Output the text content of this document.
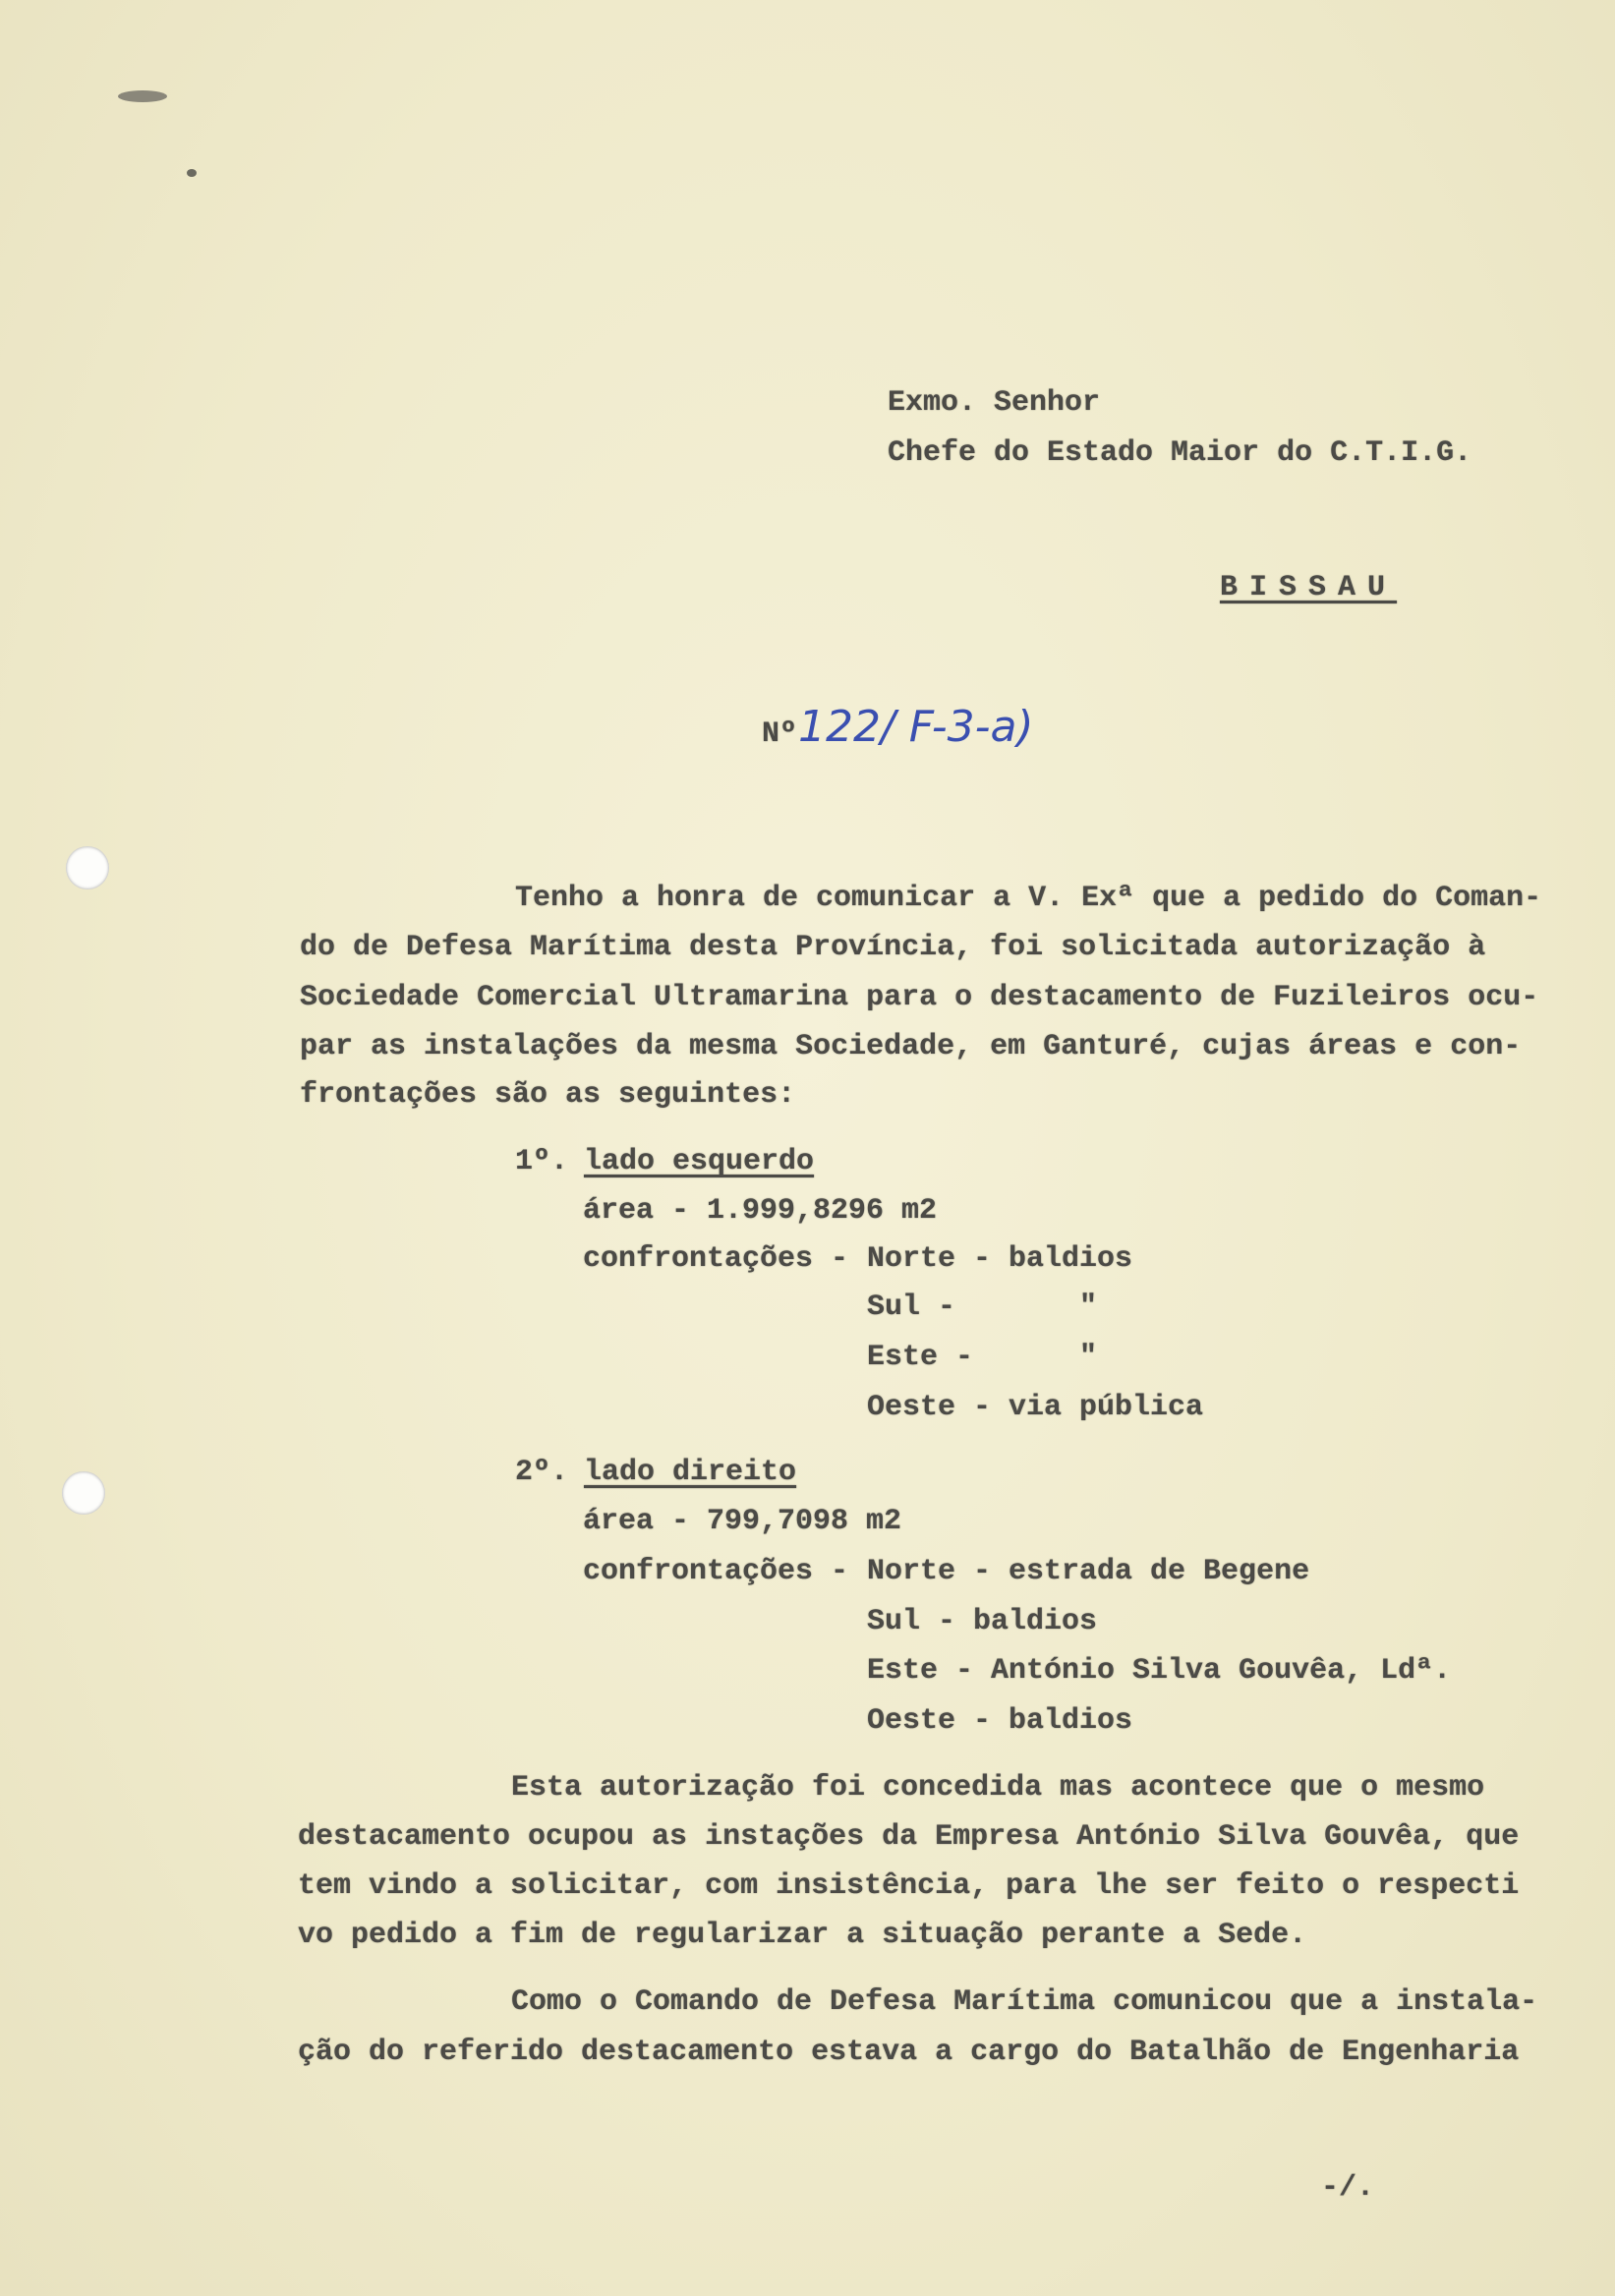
Exmo. Senhor
Chefe do Estado Maior do C.T.I.G.
BISSAU
Nº 122/ F-3-a)
Tenho a honra de comunicar a V. Exª que a pedido do Coman-
do de Defesa Marítima desta Província, foi solicitada autorização à
Sociedade Comercial Ultramarina para o destacamento de Fuzileiros ocu-
par as instalações da mesma Sociedade, em Ganturé, cujas áreas e con-
frontações são as seguintes:
1º. lado esquerdo
área - 1.999,8296 m2
confrontações - Norte - baldios
Sul -       "
Este -      "
Oeste - via pública
2º. lado direito
área - 799,7098 m2
confrontações - Norte - estrada de Begene
Sul - baldios
Este - António Silva Gouvêa, Ldª.
Oeste - baldios
Esta autorização foi concedida mas acontece que o mesmo
destacamento ocupou as instações da Empresa António Silva Gouvêa, que
tem vindo a solicitar, com insistência, para lhe ser feito o respecti
vo pedido a fim de regularizar a situação perante a Sede.
Como o Comando de Defesa Marítima comunicou que a instala-
ção do referido destacamento estava a cargo do Batalhão de Engenharia
-/.
